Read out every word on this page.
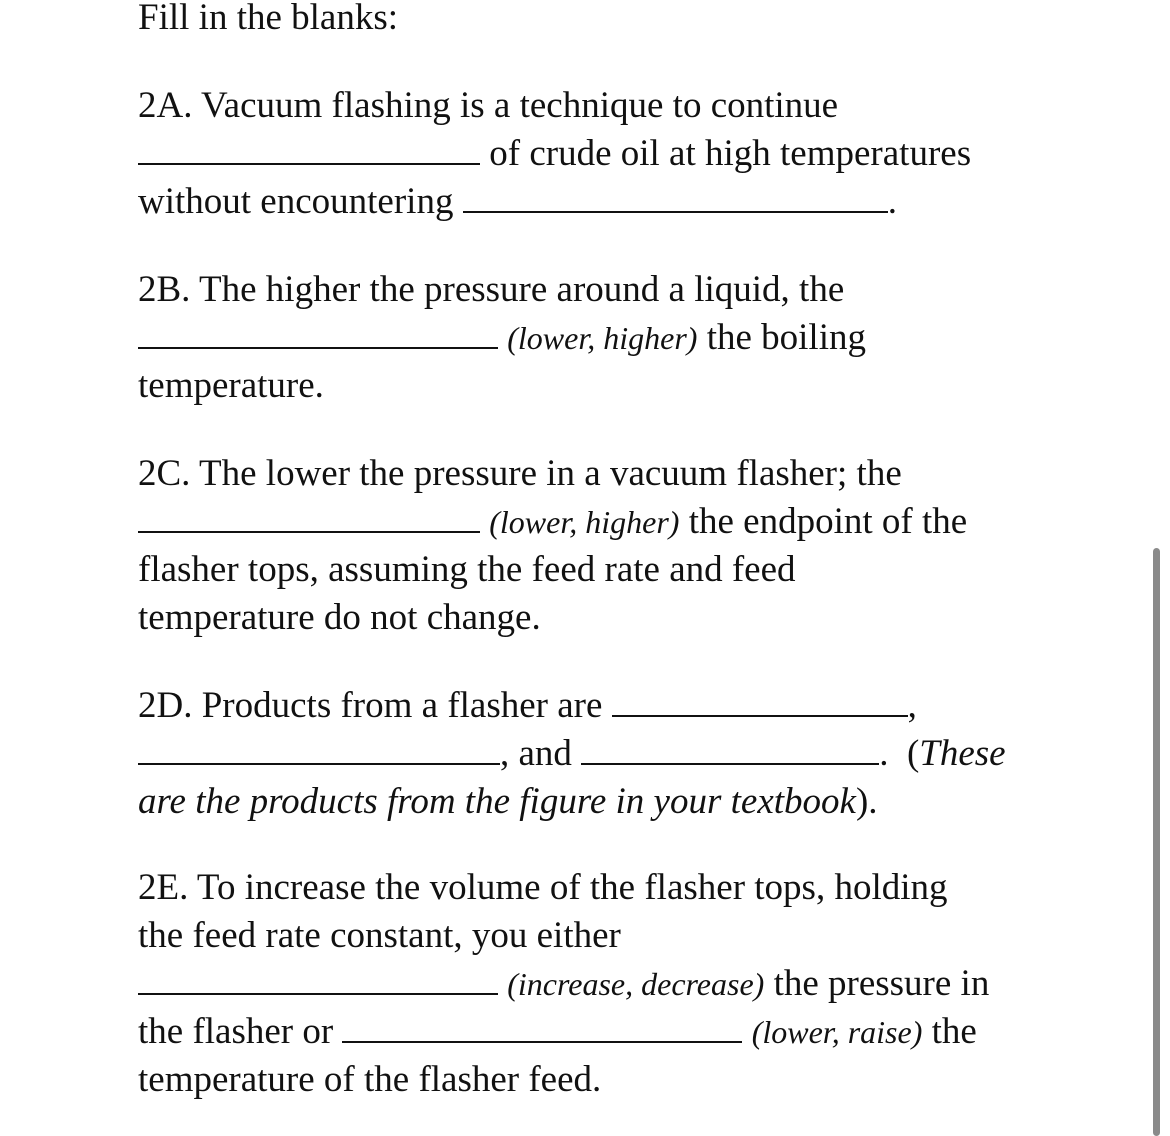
Fill in the blanks:
2A. Vacuum flashing is a technique to continue
of crude oil at high temperatures
without encountering	.
2B. The higher the pressure around a liquid, the
(lower, higher) the boiling
temperature.
2C. The lower the pressure in a vacuum flasher; the
(lower, higher) the endpoint of the
flasher tops, assuming the feed rate and feed
temperature do not change.
2D. Products from a flasher are	,
, and	. (These
are the products from the figure in your textbook).
2E. To increase the volume of the flasher tops, holding
the feed rate constant, you either
(increase, decrease) the pressure in
the flasher or	(lower, raise) the
temperature of the flasher feed.
